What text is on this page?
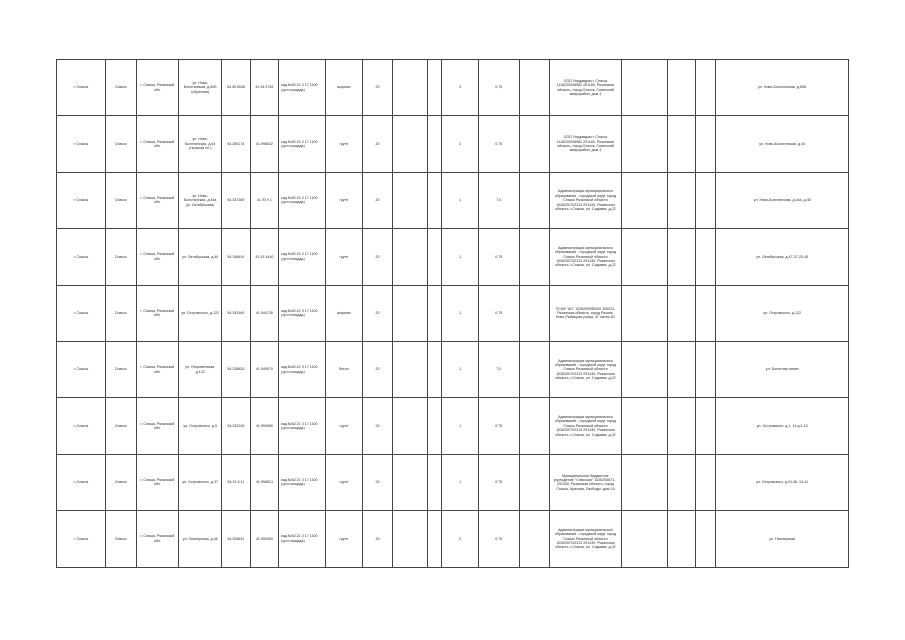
г. Спасск	Спасск	г. Спасск, Рязанской обл.	ул. Ново-Болотинская, д.60Б (обратная)	54.35 6038	41.94 0745	кад.№62:21 0 17 1100 (орт.площадь)	асфальт	20			3	0,75		ООО Упрдавдом г. Спасск 1116220008982 291160, Рязанская область, город Спасск, Советский микрорайон, дом 3				ул. Ново-Болотинская, д.60Б
г. Спасск	Спасск	г. Спасск, Рязанской обл.	ул. Ново-Болотинская, д.44 (тыльная пл.)	54.355174	41.998542	кад.№62:21 0 17 1100 (орт.площадь)	грунт	20			2	0,75		ООО Упрдавдом г. Спасск 1116220008982 291160, Рязанская область, город Спасск, Советский микрорайон, дом 3				ул. Ново-Болотинская, д.44
г. Спасск	Спасск	г. Спасск, Рязанской обл.	ул. Ново-Болотинская, д.44а (уг. Октябрьская)	54.347269	41.93 9 1	кад.№62:21 0 17 1100 (орт.площадь)	грунт	20			1	7,0		Администрация муниципального образования - городской округ город Спасск Рязанской области 1026200702313 291430, Рязанская область, г.Спасск, ул. Садовая, д.22				ул. Ново-Болотинская, д.44а, д.45
г. Спасск	Спасск	г. Спасск, Рязанской обл.	ул. Октябрьская, д.40	54.348619	41.93 4440	кад.№62:21 0 17 1100 (орт.площадь)	грунт	20			1	0,75		Администрация муниципального образования - городской округ город Спасск Рязанской области 1026200702313 291430, Рязанская область, г.Спасск, ул. Садовая, д.22				ул. Октябрьская, д.47-37-20-45
г. Спасск	Спасск	г. Спасск, Рязанской обл.	ул. Островского, д.122	54.343940	41.944730	кад.№62:21 0 17 1100 (орт.площадь)	асфальт	20			1	0,75		ПСКФ "АО" 1026200955290 390023, Рязанская область, город Рязань, Ново-Рыбацкая улица, 47 литер А1				ул. Островского, д.122
г. Спасск	Спасск	г. Спасск, Рязанской обл.	ул. Откровенская, д.122	54.338820	41.949970	кад.№62:21 0 17 1100 (орт.площадь)	бетон	20			1	7,0		Администрация муниципального образования - городской округ город Спасск Рязанской области 1026200702313 291430, Рязанская область, г.Спасск, ул. Садовая, д.22				ул. Болотная линия
г. Спасск	Спасск	г. Спасск, Рязанской обл.	ул. Островского, д.5	54.333245	41.950980	кад.№62:21 0 17 1100 (орт.площадь)	грунт	20			1	0,75		Администрация муниципального образования - городской округ город Спасск Рязанской области 1026200702313 291430, Рязанская область, г.Спасск, ул. Садовая, д.22				ул. Островского, д.1, 14 д.3-15
г. Спасск	Спасск	г. Спасск, Рязанской обл.	ул. Островского, д.37	54.31 6 11	41.958613	кад.№62:21 0 17 1100 (орт.площадь)	грунт	20			1	0,75		Муниципальное бюджетное учреждение "Спасская" 1026200871... 291430, Рязанская область, город Спасск, Красная, Свободы, дом 19				ул. Островского, д.24-46, 13-41
г. Спасск	Спасск	г. Спасск, Рязанской обл.	ул. Пионерская, д.48	54.326631	41.950360	кад.№62:21 0 17 1100 (орт.площадь)	грунт	20			2	0,75		Администрация муниципального образования - городской округ город Спасск Рязанской области 1026200702313 291430, Рязанская область, г.Спасск, ул. Садовая, д.22				ул. Пионерская
